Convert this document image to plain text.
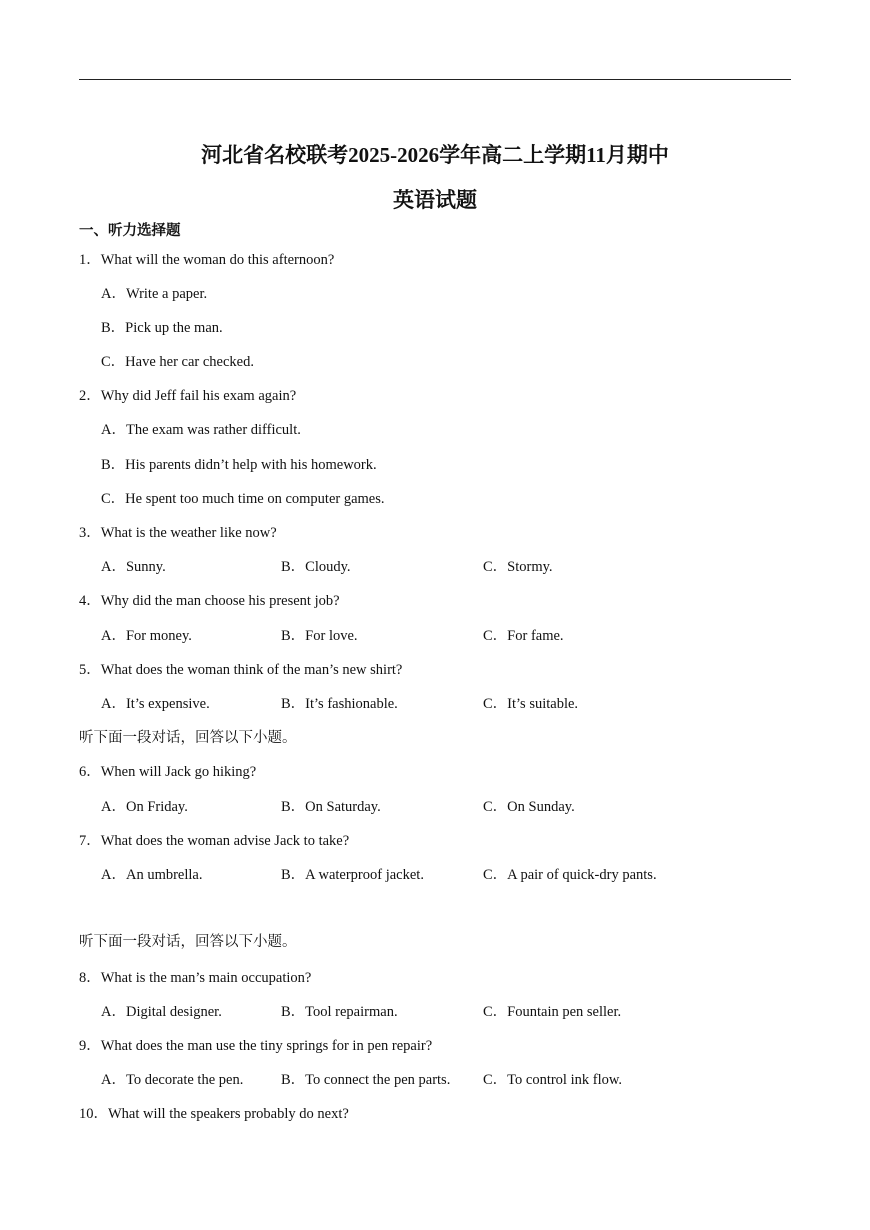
河北省名校联考2025-2026学年高二上学期11月期中
英语试题
一、听力选择题
1．What will the woman do this afternoon?
A．Write a paper.
B．Pick up the man.
C．Have her car checked.
2．Why did Jeff fail his exam again?
A．The exam was rather difficult.
B．His parents didn’t help with his homework.
C．He spent too much time on computer games.
3．What is the weather like now?
A．Sunny.	B．Cloudy.	C．Stormy.
4．Why did the man choose his present job?
A．For money.	B．For love.	C．For fame.
5．What does the woman think of the man’s new shirt?
A．It’s expensive.	B．It’s fashionable.	C．It’s suitable.
听下面一段对话，回答以下小题。
6．When will Jack go hiking?
A．On Friday.	B．On Saturday.	C．On Sunday.
7．What does the woman advise Jack to take?
A．An umbrella.	B．A waterproof jacket.	C．A pair of quick-dry pants.
听下面一段对话，回答以下小题。
8．What is the man’s main occupation?
A．Digital designer.	B．Tool repairman.	C．Fountain pen seller.
9．What does the man use the tiny springs for in pen repair?
A．To decorate the pen.	B．To connect the pen parts. C．To control ink flow.
10．What will the speakers probably do next?
